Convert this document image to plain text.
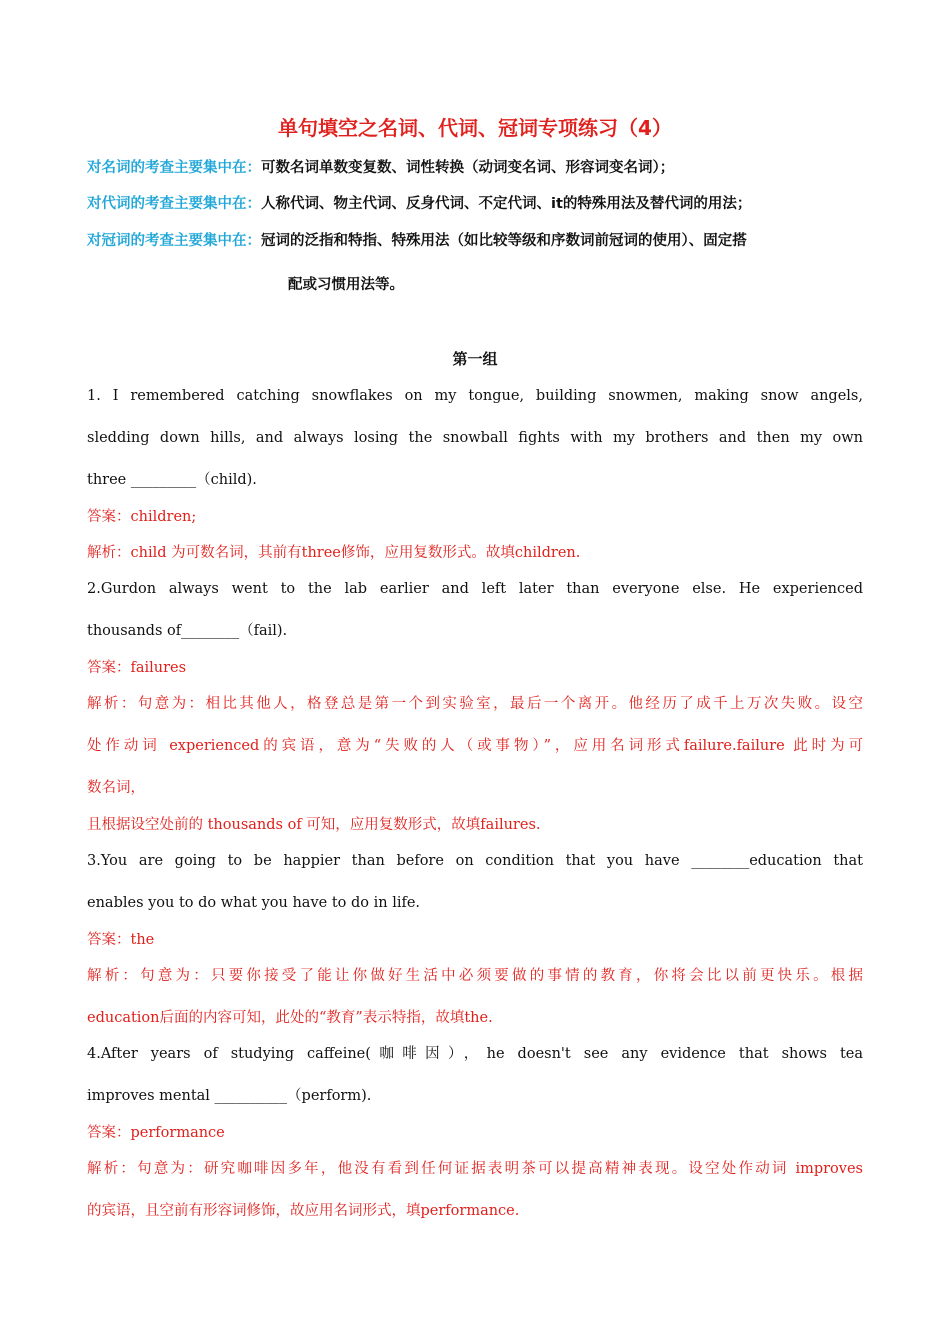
单句填空之名词、代词、冠词专项练习（4）
对名词的考查主要集中在：可数名词单数变复数、词性转换（动词变名词、形容词变名词）；
对代词的考查主要集中在：人称代词、物主代词、反身代词、不定代词、it的特殊用法及替代词的用法；
对冠词的考查主要集中在：冠词的泛指和特指、特殊用法（如比较等级和序数词前冠词的使用）、固定搭
配或习惯用法等。
第一组
1. I remembered catching snowflakes on my tongue, building snowmen, making snow angels,
sledding down hills, and always losing the snowball fights with my brothers and then my own
three _________（child).
答案：children;
解析：child 为可数名词，其前有three修饰，应用复数形式。故填children.
2.Gurdon always went to the lab earlier and left later than everyone else. He experienced
thousands of________（fail).
答案：failures
解析：句意为：相比其他人，格登总是第一个到实验室，最后一个离开。他经历了成千上万次失败。设空
处作动词 experienced的宾语，意为“失败的人（或事物）”，应用名词形式failure.failure 此时为可
数名词，
且根据设空处前的 thousands of 可知，应用复数形式，故填failures.
3.You are going to be happier than before on condition that you have ________education that
enables you to do what you have to do in life.
答案：the
解析：句意为：只要你接受了能让你做好生活中必须要做的事情的教育，你将会比以前更快乐。根据
education后面的内容可知，此处的“教育”表示特指，故填the.
4.After years of studying caffeine(咖啡因），he doesn't see any evidence that shows tea
improves mental __________（perform).
答案：performance
解析：句意为：研究咖啡因多年，他没有看到任何证据表明茶可以提高精神表现。设空处作动词 improves
的宾语，且空前有形容词修饰，故应用名词形式，填performance.
